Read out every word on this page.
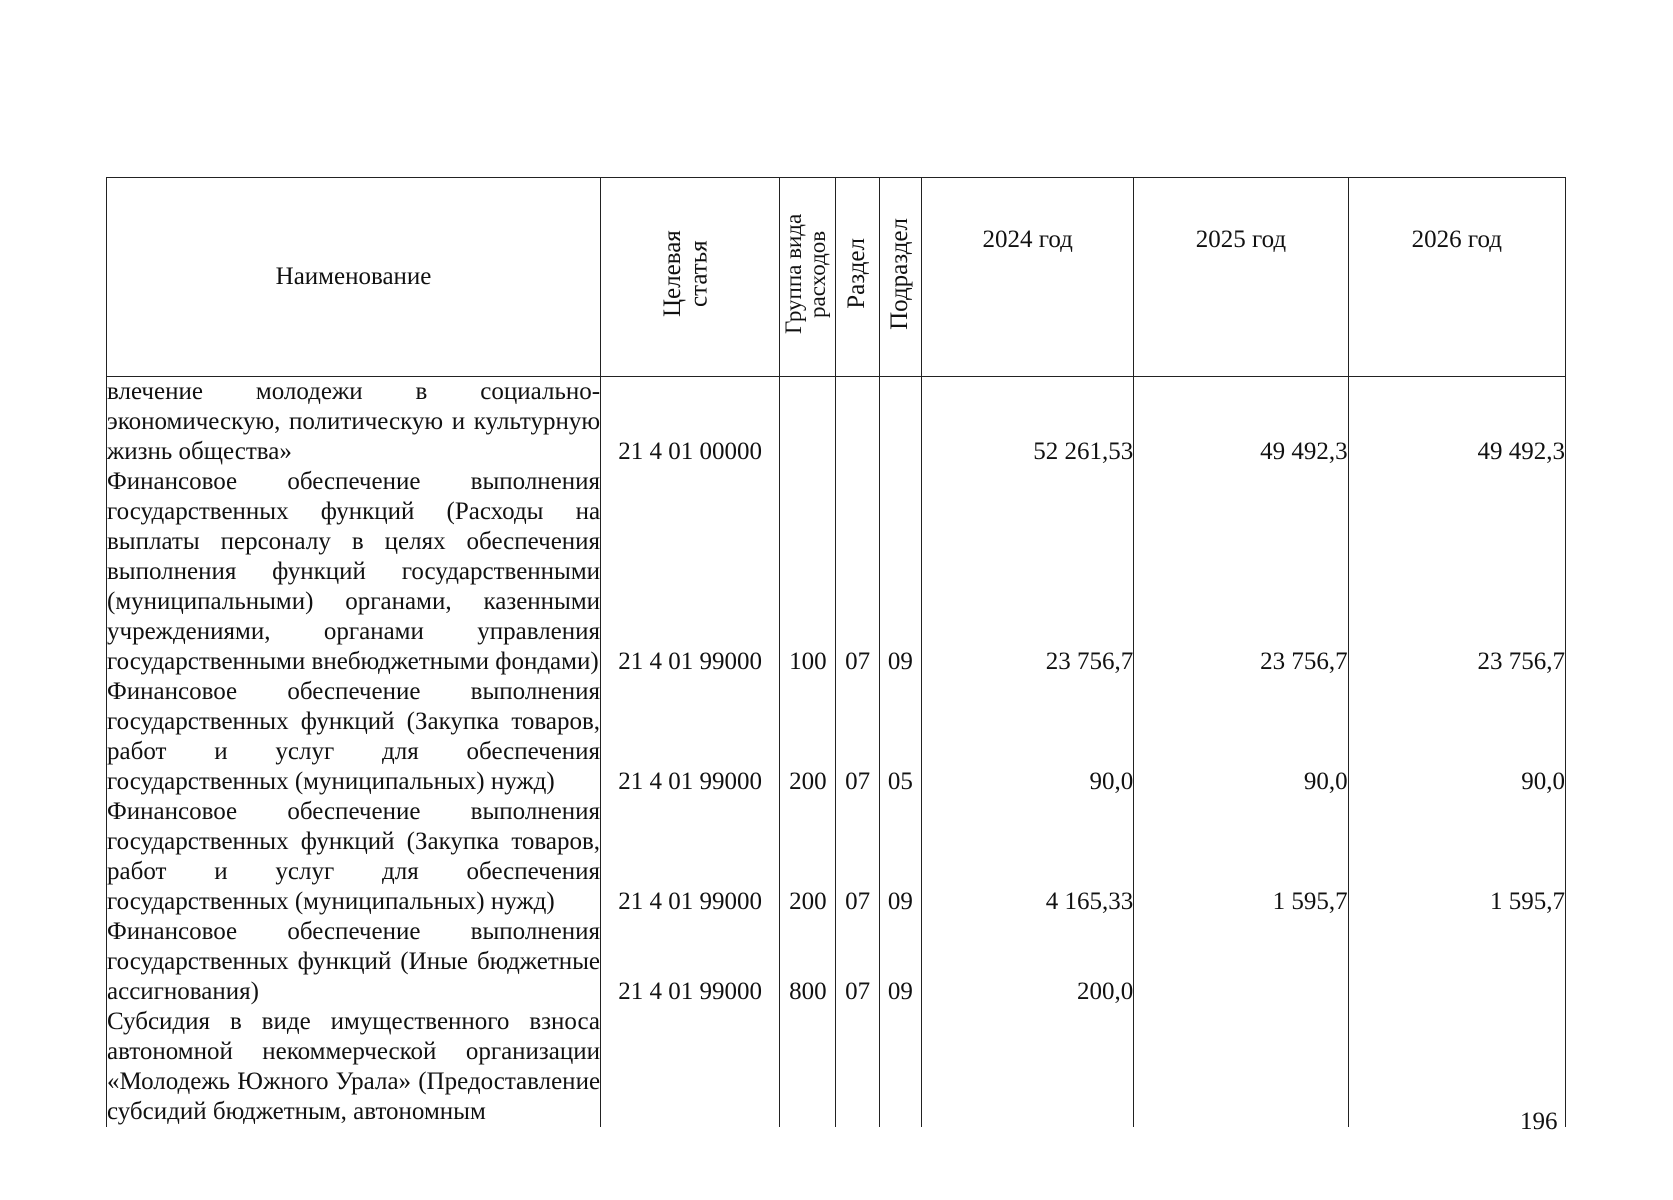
Наименование	Целевая статья	Группа вида расходов	Раздел	Подраздел	2024 год	2025 год	2026 год
влечение молодежи в социально-экономическую, политическую и культурную жизнь общества»	21 4 01 00000				52 261,53	49 492,3	49 492,3
Финансовое обеспечение выполнения государственных функций (Расходы на выплаты персоналу в целях обеспечения выполнения функций государственными (муниципальными) органами, казенными учреждениями, органами управления государственными внебюджетными фондами)	21 4 01 99000	100	07	09	23 756,7	23 756,7	23 756,7
Финансовое обеспечение выполнения государственных функций (Закупка товаров, работ и услуг для обеспечения государственных (муниципальных) нужд)	21 4 01 99000	200	07	05	90,0	90,0	90,0
Финансовое обеспечение выполнения государственных функций (Закупка товаров, работ и услуг для обеспечения государственных (муниципальных) нужд)	21 4 01 99000	200	07	09	4 165,33	1 595,7	1 595,7
Финансовое обеспечение выполнения государственных функций (Иные бюджетные ассигнования)	21 4 01 99000	800	07	09	200,0		
Субсидия в виде имущественного взноса автономной некоммерческой организации «Молодежь Южного Урала» (Предоставление субсидий бюджетным, автономным								196
